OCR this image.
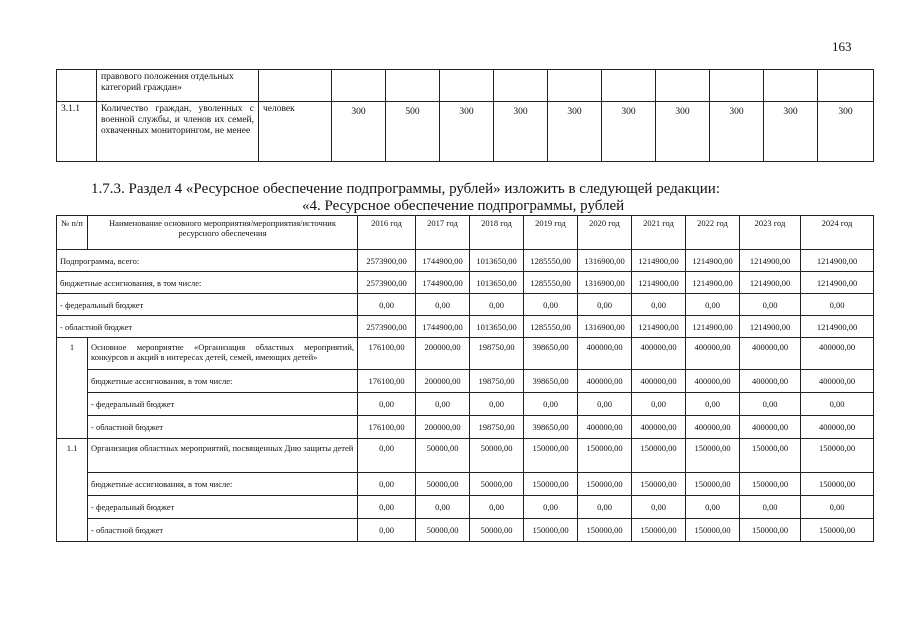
163
	правового положения отдельных категорий граждан»											
3.1.1	Количество граждан, уволенных с военной службы, и членов их семей, охваченных мониторингом, не менее	человек	300	500	300	300	300	300	300	300	300	300
1.7.3. Раздел 4 «Ресурсное обеспечение подпрограммы, рублей» изложить в следующей редакции:
«4. Ресурсное обеспечение подпрограммы, рублей
№ п/п	Наименование основного мероприятия/мероприятия/источник ресурсного обеспечения	2016 год	2017 год	2018 год	2019 год	2020 год	2021 год	2022 год	2023 год	2024 год
Подпрограмма, всего:		2573900,00	1744900,00	1013650,00	1285550,00	1316900,00	1214900,00	1214900,00	1214900,00	1214900,00
бюджетные ассигнования, в том числе:		2573900,00	1744900,00	1013650,00	1285550,00	1316900,00	1214900,00	1214900,00	1214900,00	1214900,00
- федеральный бюджет		0,00	0,00	0,00	0,00	0,00	0,00	0,00	0,00	0,00
- областной бюджет		2573900,00	1744900,00	1013650,00	1285550,00	1316900,00	1214900,00	1214900,00	1214900,00	1214900,00
1	Основное мероприятие «Организация областных мероприятий, конкурсов и акций в интересах детей, семей, имеющих детей»	176100,00	200000,00	198750,00	398650,00	400000,00	400000,00	400000,00	400000,00	400000,00
	бюджетные ассигнования, в том числе:	176100,00	200000,00	198750,00	398650,00	400000,00	400000,00	400000,00	400000,00	400000,00
	- федеральный бюджет	0,00	0,00	0,00	0,00	0,00	0,00	0,00	0,00	0,00
	- областной бюджет	176100,00	200000,00	198750,00	398650,00	400000,00	400000,00	400000,00	400000,00	400000,00
1.1	Организация областных мероприятий, посвященных Дню защиты детей	0,00	50000,00	50000,00	150000,00	150000,00	150000,00	150000,00	150000,00	150000,00
	бюджетные ассигнования, в том числе:	0,00	50000,00	50000,00	150000,00	150000,00	150000,00	150000,00	150000,00	150000,00
	- федеральный бюджет	0,00	0,00	0,00	0,00	0,00	0,00	0,00	0,00	0,00
	- областной бюджет	0,00	50000,00	50000,00	150000,00	150000,00	150000,00	150000,00	150000,00	150000,00
